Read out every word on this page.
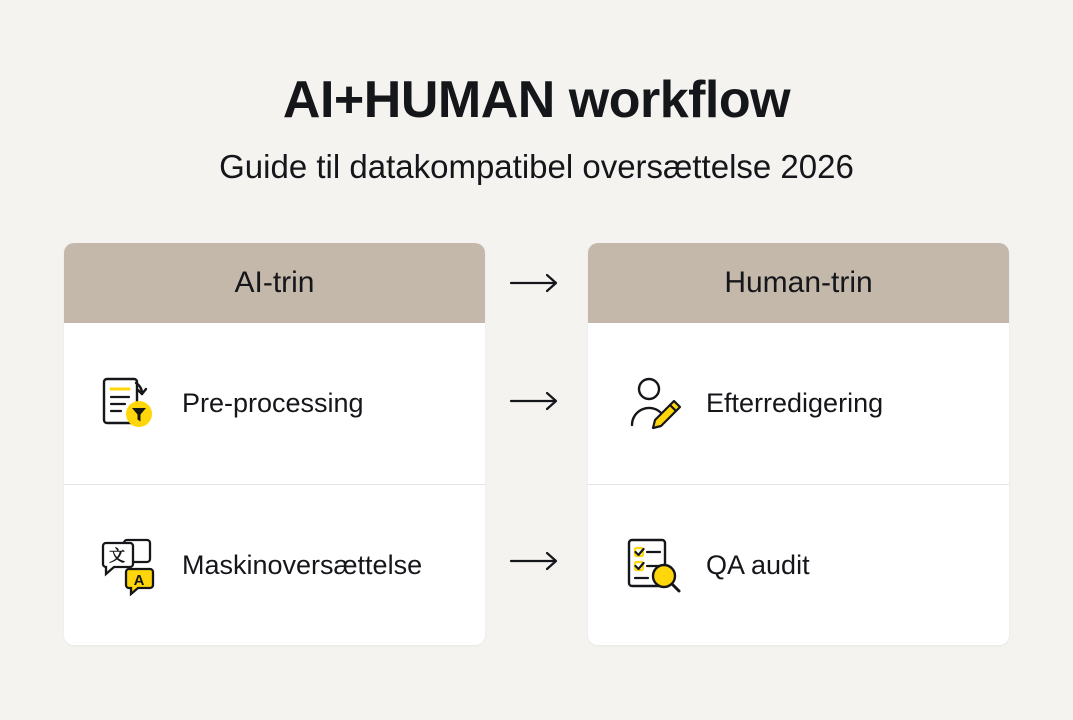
AI+HUMAN workflow

Guide til datakompatibel oversættelse 2026

AI-trin
Pre-processing
文
A
Maskinoversættelse
Human-trin
Efterredigering
QA audit
